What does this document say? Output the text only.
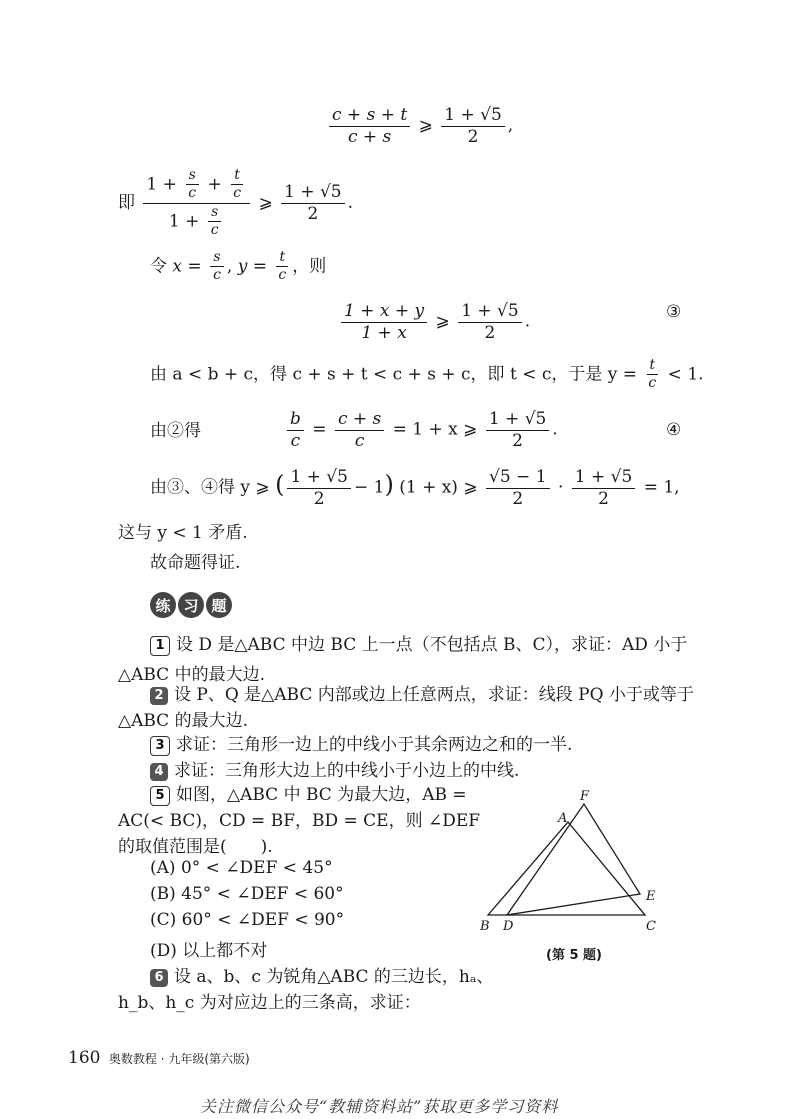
$\frac{c + s + t}{c + s}$ ⩾ $\frac{1 + √5}{2}$ ,
即 $\frac{1 + \frac{s}{c} + \frac{t}{c}}{1 + \frac{s}{c}}$ ⩾ $\frac{1 + √5}{2}$ .
令 $x = \frac{s}{c}$ , $y = \frac{t}{c}$ ，则
$\frac{1 + x + y}{1 + x}$ ⩾ $\frac{1 + √5}{2}$ .	③
由 a < b + c，得 c + s + t < c + s + c，即 t < c，于是 $y = \frac{t}{c} < 1$.
由②得	$\frac{b}{c} = \frac{c + s}{c} = 1 + x$ ⩾ $\frac{1 + √5}{2}$ .	④
由③、④得 y ⩾ ( $\frac{1 + √5}{2} - 1$) (1 + x) ⩾ $\frac{√5 - 1}{2} \cdot \frac{1 + √5}{2} = 1$,
这与 y < 1 矛盾.
故命题得证.
练 习 题
1 设 D 是△ABC 中边 BC 上一点（不包括点 B、C），求证：AD 小于
△ABC 中的最大边.
2 设 P、Q 是△ABC 内部或边上任意两点，求证：线段 PQ 小于或等于
△ABC 的最大边.
3 求证：三角形一边上的中线小于其余两边之和的一半.
4 求证：三角形大边上的中线小于小边上的中线.
5 如图，△ABC 中 BC 为最大边，AB =
AC(< BC)，CD = BF，BD = CE，则 ∠DEF
的取值范围是(　　).
(A) 0° < ∠DEF < 45°
(B) 45° < ∠DEF < 60°
(C) 60° < ∠DEF < 90°
(D) 以上都不对
6 设 a、b、c 为锐角△ABC 的三边长，hₐ、
h_b、h_c 为对应边上的三条高，求证：
F
A
E
B D	C
(第 5 题)
160 奥数教程 · 九年级(第六版)
关注微信公众号“教辅资料站”获取更多学习资料
